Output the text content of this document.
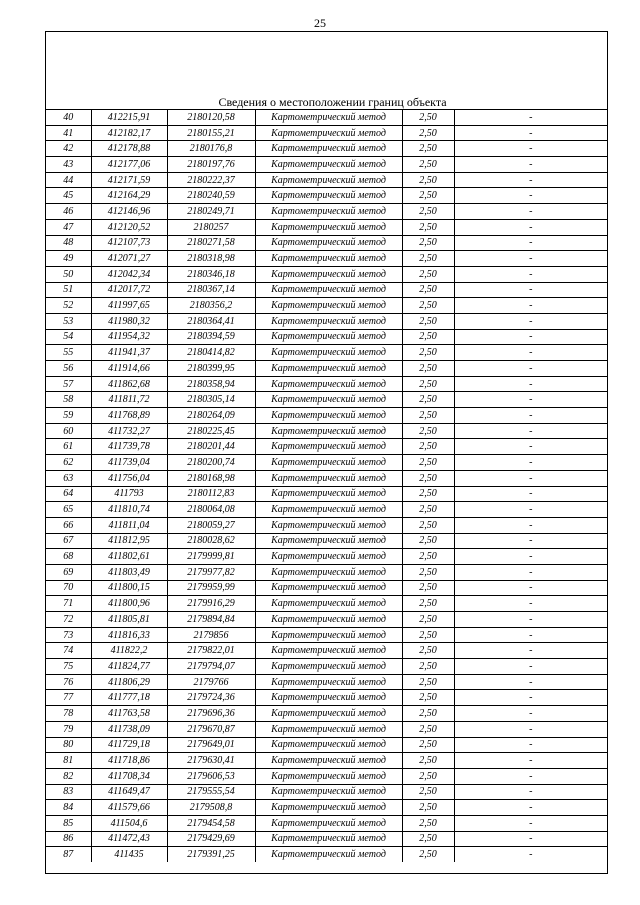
25
Сведения о местоположении границ объекта
40	412215,91	2180120,58	Картометрический метод	2,50	-
41	412182,17	2180155,21	Картометрический метод	2,50	-
42	412178,88	2180176,8	Картометрический метод	2,50	-
43	412177,06	2180197,76	Картометрический метод	2,50	-
44	412171,59	2180222,37	Картометрический метод	2,50	-
45	412164,29	2180240,59	Картометрический метод	2,50	-
46	412146,96	2180249,71	Картометрический метод	2,50	-
47	412120,52	2180257	Картометрический метод	2,50	-
48	412107,73	2180271,58	Картометрический метод	2,50	-
49	412071,27	2180318,98	Картометрический метод	2,50	-
50	412042,34	2180346,18	Картометрический метод	2,50	-
51	412017,72	2180367,14	Картометрический метод	2,50	-
52	411997,65	2180356,2	Картометрический метод	2,50	-
53	411980,32	2180364,41	Картометрический метод	2,50	-
54	411954,32	2180394,59	Картометрический метод	2,50	-
55	411941,37	2180414,82	Картометрический метод	2,50	-
56	411914,66	2180399,95	Картометрический метод	2,50	-
57	411862,68	2180358,94	Картометрический метод	2,50	-
58	411811,72	2180305,14	Картометрический метод	2,50	-
59	411768,89	2180264,09	Картометрический метод	2,50	-
60	411732,27	2180225,45	Картометрический метод	2,50	-
61	411739,78	2180201,44	Картометрический метод	2,50	-
62	411739,04	2180200,74	Картометрический метод	2,50	-
63	411756,04	2180168,98	Картометрический метод	2,50	-
64	411793	2180112,83	Картометрический метод	2,50	-
65	411810,74	2180064,08	Картометрический метод	2,50	-
66	411811,04	2180059,27	Картометрический метод	2,50	-
67	411812,95	2180028,62	Картометрический метод	2,50	-
68	411802,61	2179999,81	Картометрический метод	2,50	-
69	411803,49	2179977,82	Картометрический метод	2,50	-
70	411800,15	2179959,99	Картометрический метод	2,50	-
71	411800,96	2179916,29	Картометрический метод	2,50	-
72	411805,81	2179894,84	Картометрический метод	2,50	-
73	411816,33	2179856	Картометрический метод	2,50	-
74	411822,2	2179822,01	Картометрический метод	2,50	-
75	411824,77	2179794,07	Картометрический метод	2,50	-
76	411806,29	2179766	Картометрический метод	2,50	-
77	411777,18	2179724,36	Картометрический метод	2,50	-
78	411763,58	2179696,36	Картометрический метод	2,50	-
79	411738,09	2179670,87	Картометрический метод	2,50	-
80	411729,18	2179649,01	Картометрический метод	2,50	-
81	411718,86	2179630,41	Картометрический метод	2,50	-
82	411708,34	2179606,53	Картометрический метод	2,50	-
83	411649,47	2179555,54	Картометрический метод	2,50	-
84	411579,66	2179508,8	Картометрический метод	2,50	-
85	411504,6	2179454,58	Картометрический метод	2,50	-
86	411472,43	2179429,69	Картометрический метод	2,50	-
87	411435	2179391,25	Картометрический метод	2,50	-
